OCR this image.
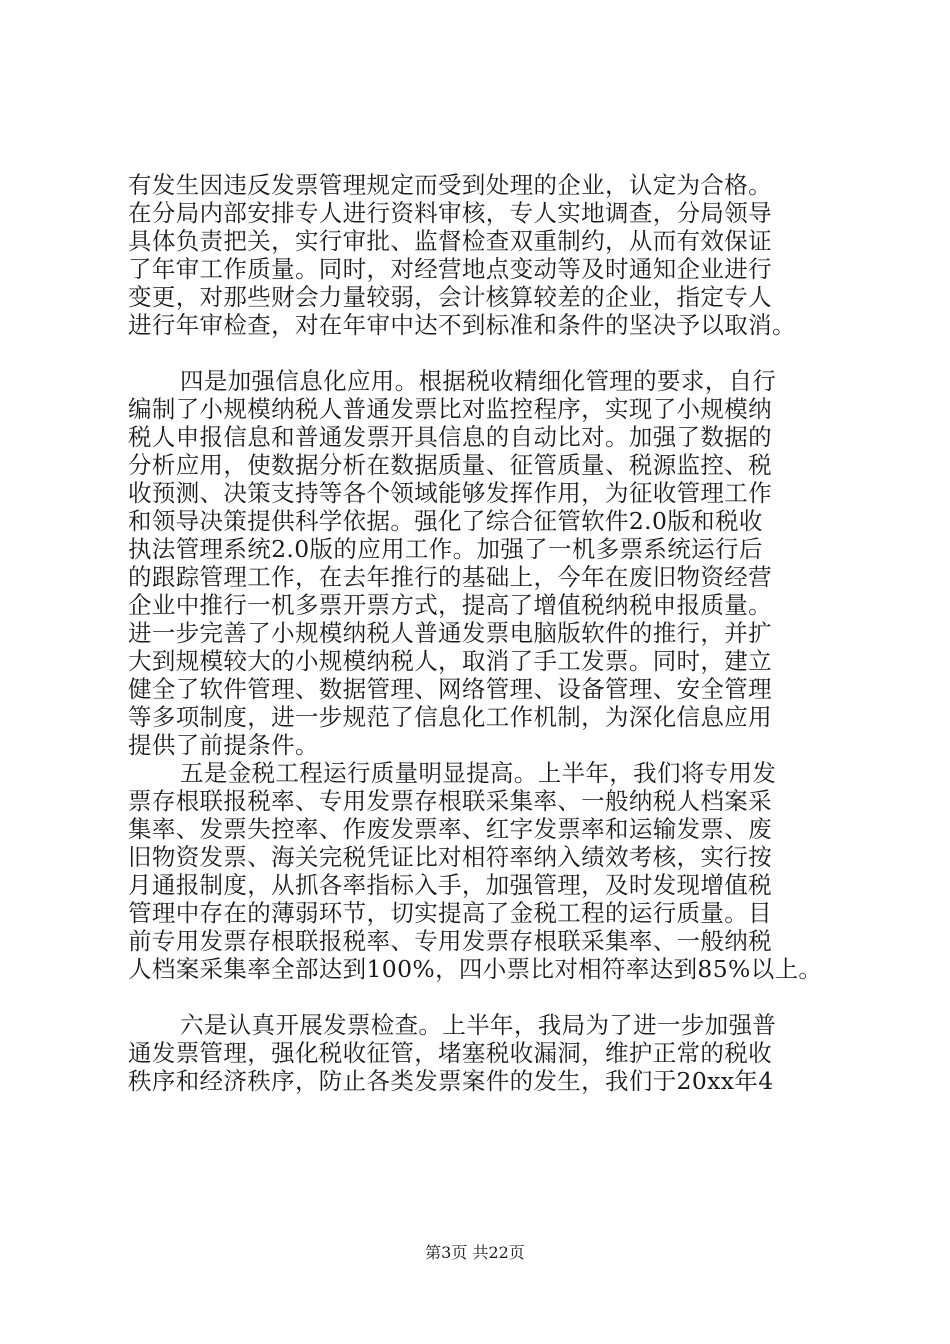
有发生因违反发票管理规定而受到处理的企业，认定为合格。
在分局内部安排专人进行资料审核，专人实地调查，分局领导
具体负责把关，实行审批、监督检查双重制约，从而有效保证
了年审工作质量。同时，对经营地点变动等及时通知企业进行
变更，对那些财会力量较弱，会计核算较差的企业，指定专人
进行年审检查，对在年审中达不到标准和条件的坚决予以取消。
四是加强信息化应用。根据税收精细化管理的要求，自行
编制了小规模纳税人普通发票比对监控程序，实现了小规模纳
税人申报信息和普通发票开具信息的自动比对。加强了数据的
分析应用，使数据分析在数据质量、征管质量、税源监控、税
收预测、决策支持等各个领域能够发挥作用，为征收管理工作
和领导决策提供科学依据。强化了综合征管软件2.0版和税收
执法管理系统2.0版的应用工作。加强了一机多票系统运行后
的跟踪管理工作，在去年推行的基础上，今年在废旧物资经营
企业中推行一机多票开票方式，提高了增值税纳税申报质量。
进一步完善了小规模纳税人普通发票电脑版软件的推行，并扩
大到规模较大的小规模纳税人，取消了手工发票。同时，建立
健全了软件管理、数据管理、网络管理、设备管理、安全管理
等多项制度，进一步规范了信息化工作机制，为深化信息应用
提供了前提条件。
五是金税工程运行质量明显提高。上半年，我们将专用发
票存根联报税率、专用发票存根联采集率、一般纳税人档案采
集率、发票失控率、作废发票率、红字发票率和运输发票、废
旧物资发票、海关完税凭证比对相符率纳入绩效考核，实行按
月通报制度，从抓各率指标入手，加强管理，及时发现增值税
管理中存在的薄弱环节，切实提高了金税工程的运行质量。目
前专用发票存根联报税率、专用发票存根联采集率、一般纳税
人档案采集率全部达到100%，四小票比对相符率达到85%以上。
六是认真开展发票检查。上半年，我局为了进一步加强普
通发票管理，强化税收征管，堵塞税收漏洞，维护正常的税收
秩序和经济秩序，防止各类发票案件的发生，我们于20xx年4
第3页 共22页
